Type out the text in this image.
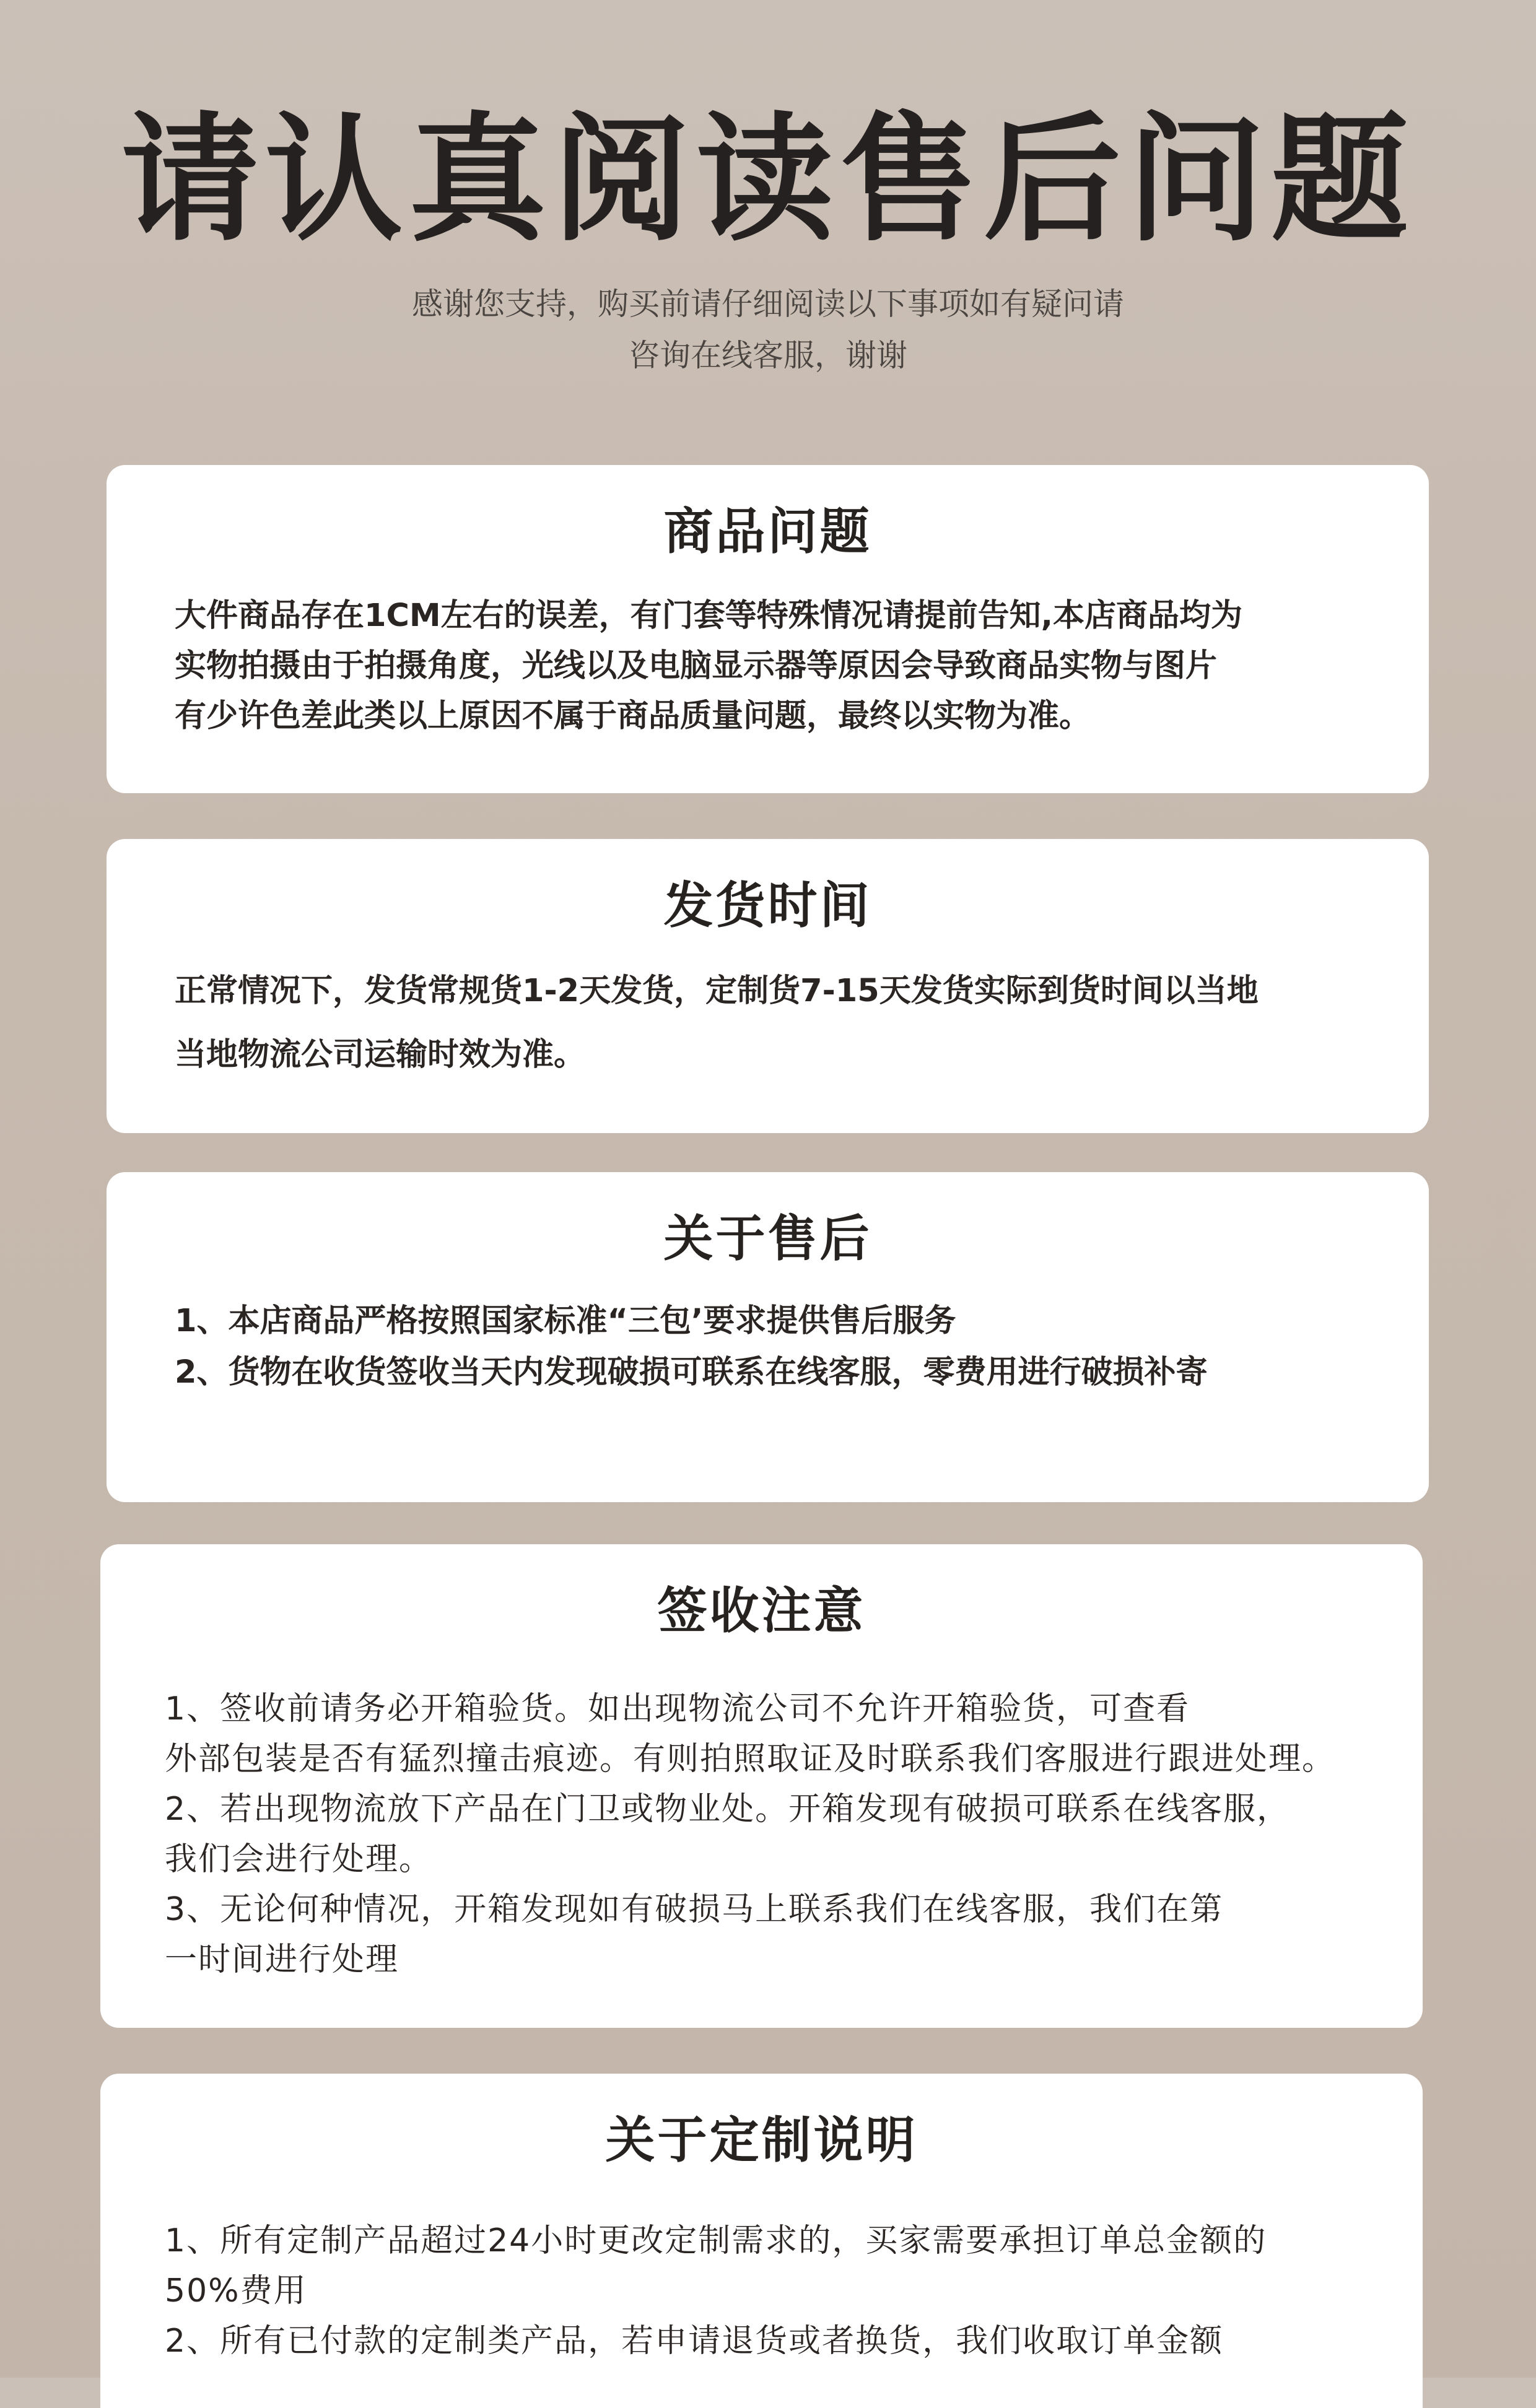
请认真阅读售后问题
感谢您支持，购买前请仔细阅读以下事项如有疑问请
咨询在线客服，谢谢
商品问题
大件商品存在1CM左右的误差，有门套等特殊情况请提前告知,本店商品均为
实物拍摄由于拍摄角度，光线以及电脑显示器等原因会导致商品实物与图片
有少许色差此类以上原因不属于商品质量问题，最终以实物为准。
发货时间
正常情况下，发货常规货1-2天发货，定制货7-15天发货实际到货时间以当地
当地物流公司运输时效为准。
关于售后
1、本店商品严格按照国家标准“三包’要求提供售后服务
2、货物在收货签收当天内发现破损可联系在线客服，零费用进行破损补寄
签收注意
1、签收前请务必开箱验货。如出现物流公司不允许开箱验货，可查看
外部包装是否有猛烈撞击痕迹。有则拍照取证及时联系我们客服进行跟进处理。
2、若出现物流放下产品在门卫或物业处。开箱发现有破损可联系在线客服，
我们会进行处理。
3、无论何种情况，开箱发现如有破损马上联系我们在线客服，我们在第
一时间进行处理
关于定制说明
1、所有定制产品超过24小时更改定制需求的，买家需要承担订单总金额的
50%费用
2、所有已付款的定制类产品，若申请退货或者换货，我们收取订单金额
